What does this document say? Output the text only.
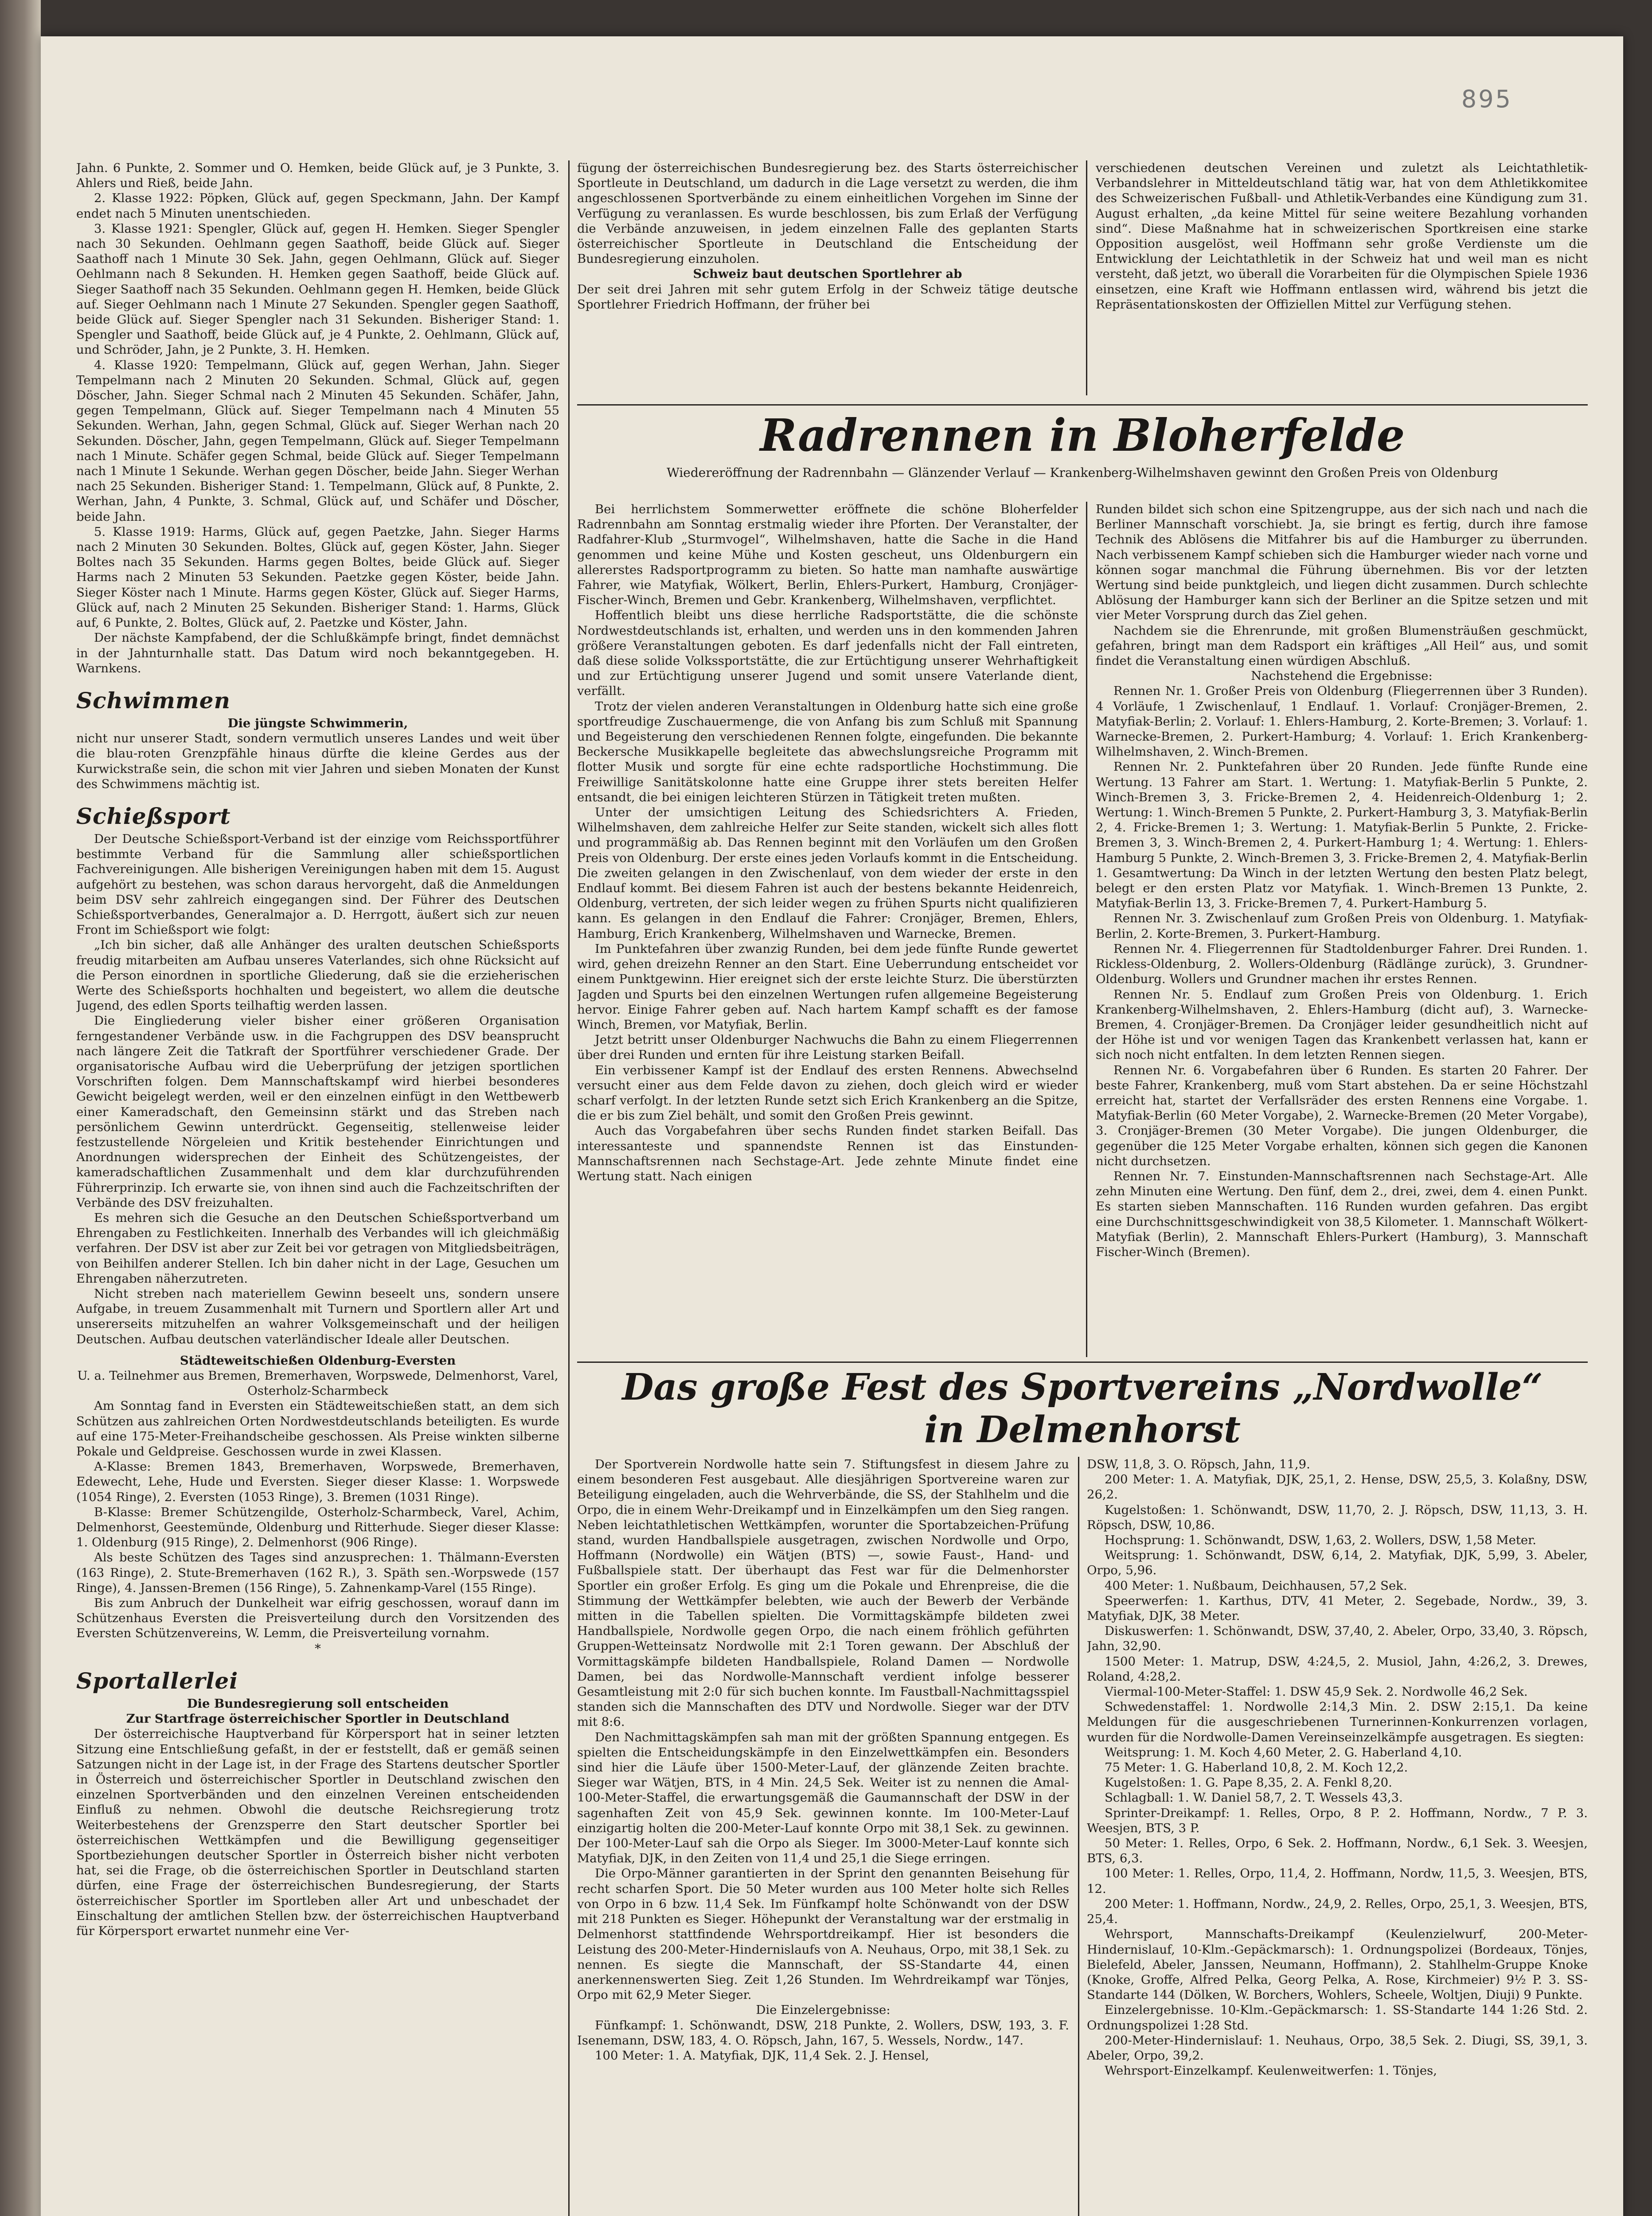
895

Jahn. 6 Punkte, 2. Sommer und O. Hemken, beide Glück auf, je 3 Punkte, 3. Ahlers und Rieß, beide Jahn.

2. Klasse 1922: Pöpken, Glück auf, gegen Speckmann, Jahn. Der Kampf endet nach 5 Minuten unentschieden.

3. Klasse 1921: Spengler, Glück auf, gegen H. Hemken. Sieger Spengler nach 30 Sekunden. Oehlmann gegen Saathoff, beide Glück auf. Sieger Saathoff nach 1 Minute 30 Sek. Jahn, gegen Oehlmann, Glück auf. Sieger Oehlmann nach 8 Sekunden. H. Hemken gegen Saathoff, beide Glück auf. Sieger Saathoff nach 35 Sekunden. Oehlmann gegen H. Hemken, beide Glück auf. Sieger Oehlmann nach 1 Minute 27 Sekunden. Spengler gegen Saathoff, beide Glück auf. Sieger Spengler nach 31 Sekunden. Bisheriger Stand: 1. Spengler und Saathoff, beide Glück auf, je 4 Punkte, 2. Oehlmann, Glück auf, und Schröder, Jahn, je 2 Punkte, 3. H. Hemken.

4. Klasse 1920: Tempelmann, Glück auf, gegen Werhan, Jahn. Sieger Tempelmann nach 2 Minuten 20 Sekunden. Schmal, Glück auf, gegen Döscher, Jahn. Sieger Schmal nach 2 Minuten 45 Sekunden. Schäfer, Jahn, gegen Tempelmann, Glück auf. Sieger Tempelmann nach 4 Minuten 55 Sekunden. Werhan, Jahn, gegen Schmal, Glück auf. Sieger Werhan nach 20 Sekunden. Döscher, Jahn, gegen Tempelmann, Glück auf. Sieger Tempelmann nach 1 Minute. Schäfer gegen Schmal, beide Glück auf. Sieger Tempelmann nach 1 Minute 1 Sekunde. Werhan gegen Döscher, beide Jahn. Sieger Werhan nach 25 Sekunden. Bisheriger Stand: 1. Tempelmann, Glück auf, 8 Punkte, 2. Werhan, Jahn, 4 Punkte, 3. Schmal, Glück auf, und Schäfer und Döscher, beide Jahn.

5. Klasse 1919: Harms, Glück auf, gegen Paetzke, Jahn. Sieger Harms nach 2 Minuten 30 Sekunden. Boltes, Glück auf, gegen Köster, Jahn. Sieger Boltes nach 35 Sekunden. Harms gegen Boltes, beide Glück auf. Sieger Harms nach 2 Minuten 53 Sekunden. Paetzke gegen Köster, beide Jahn. Sieger Köster nach 1 Minute. Harms gegen Köster, Glück auf. Sieger Harms, Glück auf, nach 2 Minuten 25 Sekunden. Bisheriger Stand: 1. Harms, Glück auf, 6 Punkte, 2. Boltes, Glück auf, 2. Paetzke und Köster, Jahn.

Der nächste Kampfabend, der die Schlußkämpfe bringt, findet demnächst in der Jahnturnhalle statt. Das Datum wird noch bekanntgegeben. H. Warnkens.

Schwimmen

Die jüngste Schwimmerin,

nicht nur unserer Stadt, sondern vermutlich unseres Landes und weit über die blau-roten Grenzpfähle hinaus dürfte die kleine Gerdes aus der Kurwickstraße sein, die schon mit vier Jahren und sieben Monaten der Kunst des Schwimmens mächtig ist.

Schießsport

Der Deutsche Schießsport-Verband ist der einzige vom Reichssportführer bestimmte Verband für die Sammlung aller schießsportlichen Fachvereinigungen. Alle bisherigen Vereinigungen haben mit dem 15. August aufgehört zu bestehen, was schon daraus hervorgeht, daß die Anmeldungen beim DSV sehr zahlreich eingegangen sind. Der Führer des Deutschen Schießsportverbandes, Generalmajor a. D. Herrgott, äußert sich zur neuen Front im Schießsport wie folgt:

„Ich bin sicher, daß alle Anhänger des uralten deutschen Schießsports freudig mitarbeiten am Aufbau unseres Vaterlandes, sich ohne Rücksicht auf die Person einordnen in sportliche Gliederung, daß sie die erzieherischen Werte des Schießsports hochhalten und begeistert, wo allem die deutsche Jugend, des edlen Sports teilhaftig werden lassen.

Die Eingliederung vieler bisher einer größeren Organisation ferngestandener Verbände usw. in die Fachgruppen des DSV beansprucht nach längere Zeit die Tatkraft der Sportführer verschiedener Grade. Der organisatorische Aufbau wird die Ueberprüfung der jetzigen sportlichen Vorschriften folgen. Dem Mannschaftskampf wird hierbei besonderes Gewicht beigelegt werden, weil er den einzelnen einfügt in den Wettbewerb einer Kameradschaft, den Gemeinsinn stärkt und das Streben nach persönlichem Gewinn unterdrückt. Gegenseitig, stellenweise leider festzustellende Nörgeleien und Kritik bestehender Einrichtungen und Anordnungen widersprechen der Einheit des Schützengeistes, der kameradschaftlichen Zusammenhalt und dem klar durchzuführenden Führerprinzip. Ich erwarte sie, von ihnen sind auch die Fachzeitschriften der Verbände des DSV freizuhalten.

Es mehren sich die Gesuche an den Deutschen Schießsportverband um Ehrengaben zu Festlichkeiten. Innerhalb des Verbandes will ich gleichmäßig verfahren. Der DSV ist aber zur Zeit bei vor getragen von Mitgliedsbeiträgen, von Beihilfen anderer Stellen. Ich bin daher nicht in der Lage, Gesuchen um Ehrengaben näherzutreten.

Nicht streben nach materiellem Gewinn beseelt uns, sondern unsere Aufgabe, in treuem Zusammenhalt mit Turnern und Sportlern aller Art und unsererseits mitzuhelfen an wahrer Volksgemeinschaft und der heiligen Deutschen. Aufbau deutschen vaterländischer Ideale aller Deutschen.

Städteweitschießen Oldenburg-Eversten

U. a. Teilnehmer aus Bremen, Bremerhaven, Worpswede, Delmenhorst, Varel, Osterholz-Scharmbeck

Am Sonntag fand in Eversten ein Städteweitschießen statt, an dem sich Schützen aus zahlreichen Orten Nordwestdeutschlands beteiligten. Es wurde auf eine 175-Meter-Freihandscheibe geschossen. Als Preise winkten silberne Pokale und Geldpreise. Geschossen wurde in zwei Klassen.

A-Klasse: Bremen 1843, Bremerhaven, Worpswede, Bremerhaven, Edewecht, Lehe, Hude und Eversten. Sieger dieser Klasse: 1. Worpswede (1054 Ringe), 2. Eversten (1053 Ringe), 3. Bremen (1031 Ringe).

B-Klasse: Bremer Schützengilde, Osterholz-Scharmbeck, Varel, Achim, Delmenhorst, Geestemünde, Oldenburg und Ritterhude. Sieger dieser Klasse: 1. Oldenburg (915 Ringe), 2. Delmenhorst (906 Ringe).

Als beste Schützen des Tages sind anzusprechen: 1. Thälmann-Eversten (163 Ringe), 2. Stute-Bremerhaven (162 R.), 3. Späth sen.-Worpswede (157 Ringe), 4. Janssen-Bremen (156 Ringe), 5. Zahnenkamp-Varel (155 Ringe).

Bis zum Anbruch der Dunkelheit war eifrig geschossen, worauf dann im Schützenhaus Eversten die Preisverteilung durch den Vorsitzenden des Eversten Schützenvereins, W. Lemm, die Preisverteilung vornahm.

*

Sportallerlei

Die Bundesregierung soll entscheiden

Zur Startfrage österreichischer Sportler in Deutschland

Der österreichische Hauptverband für Körpersport hat in seiner letzten Sitzung eine Entschließung gefaßt, in der er feststellt, daß er gemäß seinen Satzungen nicht in der Lage ist, in der Frage des Startens deutscher Sportler in Österreich und österreichischer Sportler in Deutschland zwischen den einzelnen Sportverbänden und den einzelnen Vereinen entscheidenden Einfluß zu nehmen. Obwohl die deutsche Reichsregierung trotz Weiterbestehens der Grenzsperre den Start deutscher Sportler bei österreichischen Wettkämpfen und die Bewilligung gegenseitiger Sportbeziehungen deutscher Sportler in Österreich bisher nicht verboten hat, sei die Frage, ob die österreichischen Sportler in Deutschland starten dürfen, eine Frage der österreichischen Bundesregierung, der Starts österreichischer Sportler im Sportleben aller Art und unbeschadet der Einschaltung der amtlichen Stellen bzw. der österreichischen Hauptverband für Körpersport erwartet nunmehr eine Ver-

fügung der österreichischen Bundesregierung bez. des Starts österreichischer Sportleute in Deutschland, um dadurch in die Lage versetzt zu werden, die ihm angeschlossenen Sportverbände zu einem einheitlichen Vorgehen im Sinne der Verfügung zu veranlassen. Es wurde beschlossen, bis zum Erlaß der Verfügung die Verbände anzuweisen, in jedem einzelnen Falle des geplanten Starts österreichischer Sportleute in Deutschland die Entscheidung der Bundesregierung einzuholen.

Schweiz baut deutschen Sportlehrer ab

Der seit drei Jahren mit sehr gutem Erfolg in der Schweiz tätige deutsche Sportlehrer Friedrich Hoffmann, der früher bei

verschiedenen deutschen Vereinen und zuletzt als Leichtathletik-Verbandslehrer in Mitteldeutschland tätig war, hat von dem Athletikkomitee des Schweizerischen Fußball- und Athletik-Verbandes eine Kündigung zum 31. August erhalten, „da keine Mittel für seine weitere Bezahlung vorhanden sind“. Diese Maßnahme hat in schweizerischen Sportkreisen eine starke Opposition ausgelöst, weil Hoffmann sehr große Verdienste um die Entwicklung der Leichtathletik in der Schweiz hat und weil man es nicht versteht, daß jetzt, wo überall die Vorarbeiten für die Olympischen Spiele 1936 einsetzen, eine Kraft wie Hoffmann entlassen wird, während bis jetzt die Repräsentationskosten der Offiziellen Mittel zur Verfügung stehen.

Radrennen in Bloherfelde
Wiedereröffnung der Radrennbahn — Glänzender Verlauf — Krankenberg-Wilhelmshaven gewinnt den Großen Preis von Oldenburg

Bei herrlichstem Sommerwetter eröffnete die schöne Bloherfelder Radrennbahn am Sonntag erstmalig wieder ihre Pforten. Der Veranstalter, der Radfahrer-Klub „Sturmvogel“, Wilhelmshaven, hatte die Sache in die Hand genommen und keine Mühe und Kosten gescheut, uns Oldenburgern ein allererstes Radsportprogramm zu bieten. So hatte man namhafte auswärtige Fahrer, wie Matyfiak, Wölkert, Berlin, Ehlers-Purkert, Hamburg, Cronjäger-Fischer-Winch, Bremen und Gebr. Krankenberg, Wilhelmshaven, verpflichtet.

Hoffentlich bleibt uns diese herrliche Radsportstätte, die die schönste Nordwestdeutschlands ist, erhalten, und werden uns in den kommenden Jahren größere Veranstaltungen geboten. Es darf jedenfalls nicht der Fall eintreten, daß diese solide Volkssportstätte, die zur Ertüchtigung unserer Wehrhaftigkeit und zur Ertüchtigung unserer Jugend und somit unsere Vaterlande dient, verfällt.

Trotz der vielen anderen Veranstaltungen in Oldenburg hatte sich eine große sportfreudige Zuschauermenge, die von Anfang bis zum Schluß mit Spannung und Begeisterung den verschiedenen Rennen folgte, eingefunden. Die bekannte Beckersche Musikkapelle begleitete das abwechslungsreiche Programm mit flotter Musik und sorgte für eine echte radsportliche Hochstimmung. Die Freiwillige Sanitätskolonne hatte eine Gruppe ihrer stets bereiten Helfer entsandt, die bei einigen leichteren Stürzen in Tätigkeit treten mußten.

Unter der umsichtigen Leitung des Schiedsrichters A. Frieden, Wilhelmshaven, dem zahlreiche Helfer zur Seite standen, wickelt sich alles flott und programmäßig ab. Das Rennen beginnt mit den Vorläufen um den Großen Preis von Oldenburg. Der erste eines jeden Vorlaufs kommt in die Entscheidung. Die zweiten gelangen in den Zwischenlauf, von dem wieder der erste in den Endlauf kommt. Bei diesem Fahren ist auch der bestens bekannte Heidenreich, Oldenburg, vertreten, der sich leider wegen zu frühen Spurts nicht qualifizieren kann. Es gelangen in den Endlauf die Fahrer: Cronjäger, Bremen, Ehlers, Hamburg, Erich Krankenberg, Wilhelmshaven und Warnecke, Bremen.

Im Punktefahren über zwanzig Runden, bei dem jede fünfte Runde gewertet wird, gehen dreizehn Renner an den Start. Eine Ueberrundung entscheidet vor einem Punktgewinn. Hier ereignet sich der erste leichte Sturz. Die überstürzten Jagden und Spurts bei den einzelnen Wertungen rufen allgemeine Begeisterung hervor. Einige Fahrer geben auf. Nach hartem Kampf schafft es der famose Winch, Bremen, vor Matyfiak, Berlin.

Jetzt betritt unser Oldenburger Nachwuchs die Bahn zu einem Fliegerrennen über drei Runden und ernten für ihre Leistung starken Beifall.

Ein verbissener Kampf ist der Endlauf des ersten Rennens. Abwechselnd versucht einer aus dem Felde davon zu ziehen, doch gleich wird er wieder scharf verfolgt. In der letzten Runde setzt sich Erich Krankenberg an die Spitze, die er bis zum Ziel behält, und somit den Großen Preis gewinnt.

Auch das Vorgabefahren über sechs Runden findet starken Beifall. Das interessanteste und spannendste Rennen ist das Einstunden-Mannschaftsrennen nach Sechstage-Art. Jede zehnte Minute findet eine Wertung statt. Nach einigen

Runden bildet sich schon eine Spitzengruppe, aus der sich nach und nach die Berliner Mannschaft vorschiebt. Ja, sie bringt es fertig, durch ihre famose Technik des Ablösens die Mitfahrer bis auf die Hamburger zu überrunden. Nach verbissenem Kampf schieben sich die Hamburger wieder nach vorne und können sogar manchmal die Führung übernehmen. Bis vor der letzten Wertung sind beide punktgleich, und liegen dicht zusammen. Durch schlechte Ablösung der Hamburger kann sich der Berliner an die Spitze setzen und mit vier Meter Vorsprung durch das Ziel gehen.

Nachdem sie die Ehrenrunde, mit großen Blumensträußen geschmückt, gefahren, bringt man dem Radsport ein kräftiges „All Heil“ aus, und somit findet die Veranstaltung einen würdigen Abschluß.

Nachstehend die Ergebnisse:

Rennen Nr. 1. Großer Preis von Oldenburg (Fliegerrennen über 3 Runden). 4 Vorläufe, 1 Zwischenlauf, 1 Endlauf. 1. Vorlauf: Cronjäger-Bremen, 2. Matyfiak-Berlin; 2. Vorlauf: 1. Ehlers-Hamburg, 2. Korte-Bremen; 3. Vorlauf: 1. Warnecke-Bremen, 2. Purkert-Hamburg; 4. Vorlauf: 1. Erich Krankenberg-Wilhelmshaven, 2. Winch-Bremen.

Rennen Nr. 2. Punktefahren über 20 Runden. Jede fünfte Runde eine Wertung. 13 Fahrer am Start. 1. Wertung: 1. Matyfiak-Berlin 5 Punkte, 2. Winch-Bremen 3, 3. Fricke-Bremen 2, 4. Heidenreich-Oldenburg 1; 2. Wertung: 1. Winch-Bremen 5 Punkte, 2. Purkert-Hamburg 3, 3. Matyfiak-Berlin 2, 4. Fricke-Bremen 1; 3. Wertung: 1. Matyfiak-Berlin 5 Punkte, 2. Fricke-Bremen 3, 3. Winch-Bremen 2, 4. Purkert-Hamburg 1; 4. Wertung: 1. Ehlers-Hamburg 5 Punkte, 2. Winch-Bremen 3, 3. Fricke-Bremen 2, 4. Matyfiak-Berlin 1. Gesamtwertung: Da Winch in der letzten Wertung den besten Platz belegt, belegt er den ersten Platz vor Matyfiak. 1. Winch-Bremen 13 Punkte, 2. Matyfiak-Berlin 13, 3. Fricke-Bremen 7, 4. Purkert-Hamburg 5.

Rennen Nr. 3. Zwischenlauf zum Großen Preis von Oldenburg. 1. Matyfiak-Berlin, 2. Korte-Bremen, 3. Purkert-Hamburg.

Rennen Nr. 4. Fliegerrennen für Stadtoldenburger Fahrer. Drei Runden. 1. Rickless-Oldenburg, 2. Wollers-Oldenburg (Rädlänge zurück), 3. Grundner-Oldenburg. Wollers und Grundner machen ihr erstes Rennen.

Rennen Nr. 5. Endlauf zum Großen Preis von Oldenburg. 1. Erich Krankenberg-Wilhelmshaven, 2. Ehlers-Hamburg (dicht auf), 3. Warnecke-Bremen, 4. Cronjäger-Bremen. Da Cronjäger leider gesundheitlich nicht auf der Höhe ist und vor wenigen Tagen das Krankenbett verlassen hat, kann er sich noch nicht entfalten. In dem letzten Rennen siegen.

Rennen Nr. 6. Vorgabefahren über 6 Runden. Es starten 20 Fahrer. Der beste Fahrer, Krankenberg, muß vom Start abstehen. Da er seine Höchstzahl erreicht hat, startet der Verfallsräder des ersten Rennens eine Vorgabe. 1. Matyfiak-Berlin (60 Meter Vorgabe), 2. Warnecke-Bremen (20 Meter Vorgabe), 3. Cronjäger-Bremen (30 Meter Vorgabe). Die jungen Oldenburger, die gegenüber die 125 Meter Vorgabe erhalten, können sich gegen die Kanonen nicht durchsetzen.

Rennen Nr. 7. Einstunden-Mannschaftsrennen nach Sechstage-Art. Alle zehn Minuten eine Wertung. Den fünf, dem 2., drei, zwei, dem 4. einen Punkt. Es starten sieben Mannschaften. 116 Runden wurden gefahren. Das ergibt eine Durchschnittsgeschwindigkeit von 38,5 Kilometer. 1. Mannschaft Wölkert-Matyfiak (Berlin), 2. Mannschaft Ehlers-Purkert (Hamburg), 3. Mannschaft Fischer-Winch (Bremen).

Das große Fest des Sportvereins „Nordwolle“
in Delmenhorst

Der Sportverein Nordwolle hatte sein 7. Stiftungsfest in diesem Jahre zu einem besonderen Fest ausgebaut. Alle diesjährigen Sportvereine waren zur Beteiligung eingeladen, auch die Wehrverbände, die SS, der Stahlhelm und die Orpo, die in einem Wehr-Dreikampf und in Einzelkämpfen um den Sieg rangen. Neben leichtathletischen Wettkämpfen, worunter die Sportabzeichen-Prüfung stand, wurden Handballspiele ausgetragen, zwischen Nordwolle und Orpo, Hoffmann (Nordwolle) ein Wätjen (BTS) —, sowie Faust-, Hand- und Fußballspiele statt. Der überhaupt das Fest war für die Delmenhorster Sportler ein großer Erfolg. Es ging um die Pokale und Ehrenpreise, die die Stimmung der Wettkämpfer belebten, wie auch der Bewerb der Verbände mitten in die Tabellen spielten. Die Vormittagskämpfe bildeten zwei Handballspiele, Nordwolle gegen Orpo, die nach einem fröhlich geführten Gruppen-Wetteinsatz Nordwolle mit 2:1 Toren gewann. Der Abschluß der Vormittagskämpfe bildeten Handballspiele, Roland Damen — Nordwolle Damen, bei das Nordwolle-Mannschaft verdient infolge besserer Gesamtleistung mit 2:0 für sich buchen konnte. Im Faustball-Nachmittagsspiel standen sich die Mannschaften des DTV und Nordwolle. Sieger war der DTV mit 8:6.

Den Nachmittagskämpfen sah man mit der größten Spannung entgegen. Es spielten die Entscheidungskämpfe in den Einzelwettkämpfen ein. Besonders sind hier die Läufe über 1500-Meter-Lauf, der glänzende Zeiten brachte. Sieger war Wätjen, BTS, in 4 Min. 24,5 Sek. Weiter ist zu nennen die Amal-100-Meter-Staffel, die erwartungsgemäß die Gaumannschaft der DSW in der sagenhaften Zeit von 45,9 Sek. gewinnen konnte. Im 100-Meter-Lauf einzigartig holten die 200-Meter-Lauf konnte Orpo mit 38,1 Sek. zu gewinnen. Der 100-Meter-Lauf sah die Orpo als Sieger. Im 3000-Meter-Lauf konnte sich Matyfiak, DJK, in den Zeiten von 11,4 und 25,1 die Siege erringen.

Die Orpo-Männer garantierten in der Sprint den genannten Beisehung für recht scharfen Sport. Die 50 Meter wurden aus 100 Meter holte sich Relles von Orpo in 6 bzw. 11,4 Sek. Im Fünfkampf holte Schönwandt von der DSW mit 218 Punkten es Sieger. Höhepunkt der Veranstaltung war der erstmalig in Delmenhorst stattfindende Wehrsportdreikampf. Hier ist besonders die Leistung des 200-Meter-Hindernislaufs von A. Neuhaus, Orpo, mit 38,1 Sek. zu nennen. Es siegte die Mannschaft, der SS-Standarte 44, einen anerkennenswerten Sieg. Zeit 1,26 Stunden. Im Wehrdreikampf war Tönjes, Orpo mit 62,9 Meter Sieger.

Die Einzelergebnisse:

Fünfkampf: 1. Schönwandt, DSW, 218 Punkte, 2. Wollers, DSW, 193, 3. F. Isenemann, DSW, 183, 4. O. Röpsch, Jahn, 167, 5. Wessels, Nordw., 147.

100 Meter: 1. A. Matyfiak, DJK, 11,4 Sek. 2. J. Hensel,

DSW, 11,8, 3. O. Röpsch, Jahn, 11,9.

200 Meter: 1. A. Matyfiak, DJK, 25,1, 2. Hense, DSW, 25,5, 3. Kolaßny, DSW, 26,2.

Kugelstoßen: 1. Schönwandt, DSW, 11,70, 2. J. Röpsch, DSW, 11,13, 3. H. Röpsch, DSW, 10,86.

Hochsprung: 1. Schönwandt, DSW, 1,63, 2. Wollers, DSW, 1,58 Meter.

Weitsprung: 1. Schönwandt, DSW, 6,14, 2. Matyfiak, DJK, 5,99, 3. Abeler, Orpo, 5,96.

400 Meter: 1. Nußbaum, Deichhausen, 57,2 Sek.

Speerwerfen: 1. Karthus, DTV, 41 Meter, 2. Segebade, Nordw., 39, 3. Matyfiak, DJK, 38 Meter.

Diskuswerfen: 1. Schönwandt, DSW, 37,40, 2. Abeler, Orpo, 33,40, 3. Röpsch, Jahn, 32,90.

1500 Meter: 1. Matrup, DSW, 4:24,5, 2. Musiol, Jahn, 4:26,2, 3. Drewes, Roland, 4:28,2.

Viermal-100-Meter-Staffel: 1. DSW 45,9 Sek. 2. Nordwolle 46,2 Sek.

Schwedenstaffel: 1. Nordwolle 2:14,3 Min. 2. DSW 2:15,1. Da keine Meldungen für die ausgeschriebenen Turnerinnen-Konkurrenzen vorlagen, wurden für die Nordwolle-Damen Vereinseinzelkämpfe ausgetragen. Es siegten:

Weitsprung: 1. M. Koch 4,60 Meter, 2. G. Haberland 4,10.

75 Meter: 1. G. Haberland 10,8, 2. M. Koch 12,2.

Kugelstoßen: 1. G. Pape 8,35, 2. A. Fenkl 8,20.

Schlagball: 1. W. Daniel 58,7, 2. T. Wessels 43,3.

Sprinter-Dreikampf: 1. Relles, Orpo, 8 P. 2. Hoffmann, Nordw., 7 P. 3. Weesjen, BTS, 3 P.

50 Meter: 1. Relles, Orpo, 6 Sek. 2. Hoffmann, Nordw., 6,1 Sek. 3. Weesjen, BTS, 6,3.

100 Meter: 1. Relles, Orpo, 11,4, 2. Hoffmann, Nordw, 11,5, 3. Weesjen, BTS, 12.

200 Meter: 1. Hoffmann, Nordw., 24,9, 2. Relles, Orpo, 25,1, 3. Weesjen, BTS, 25,4.

Wehrsport, Mannschafts-Dreikampf (Keulenzielwurf, 200-Meter-Hindernislauf, 10-Klm.-Gepäckmarsch): 1. Ordnungspolizei (Bordeaux, Tönjes, Bielefeld, Abeler, Janssen, Neumann, Hoffmann), 2. Stahlhelm-Gruppe Knoke (Knoke, Groffe, Alfred Pelka, Georg Pelka, A. Rose, Kirchmeier) 9½ P. 3. SS-Standarte 144 (Dölken, W. Borchers, Wohlers, Scheele, Woltjen, Diuji) 9 Punkte.

Einzelergebnisse. 10-Klm.-Gepäckmarsch: 1. SS-Standarte 144 1:26 Std. 2. Ordnungspolizei 1:28 Std.

200-Meter-Hindernislauf: 1. Neuhaus, Orpo, 38,5 Sek. 2. Diugi, SS, 39,1, 3. Abeler, Orpo, 39,2.

Wehrsport-Einzelkampf. Keulenweitwerfen: 1. Tönjes,
